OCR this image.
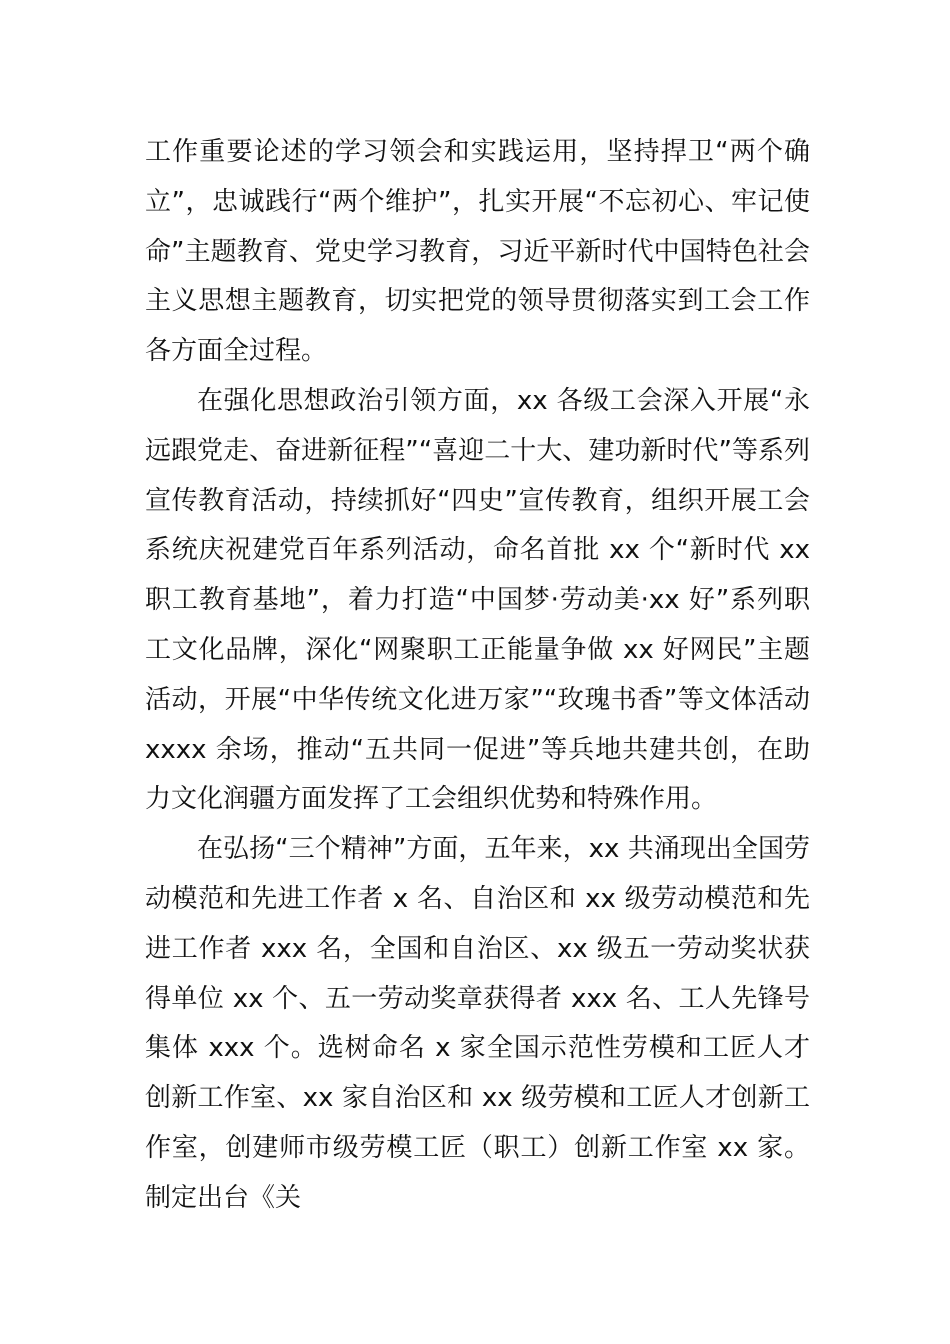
工作重要论述的学习领会和实践运用，坚持捍卫“两个确立”，忠诚践行“两个维护”，扎实开展“不忘初心、牢记使命”主题教育、党史学习教育，习近平新时代中国特色社会主义思想主题教育，切实把党的领导贯彻落实到工会工作各方面全过程。

在强化思想政治引领方面，xx 各级工会深入开展“永远跟党走、奋进新征程”“喜迎二十大、建功新时代”等系列宣传教育活动，持续抓好“四史”宣传教育，组织开展工会系统庆祝建党百年系列活动，命名首批 xx 个“新时代 xx 职工教育基地”，着力打造“中国梦·劳动美·xx 好”系列职工文化品牌，深化“网聚职工正能量争做 xx 好网民”主题活动，开展“中华传统文化进万家”“玫瑰书香”等文体活动 xxxx 余场，推动“五共同一促进”等兵地共建共创，在助力文化润疆方面发挥了工会组织优势和特殊作用。

在弘扬“三个精神”方面，五年来，xx 共涌现出全国劳动模范和先进工作者 x 名、自治区和 xx 级劳动模范和先进工作者 xxx 名，全国和自治区、xx 级五一劳动奖状获得单位 xx 个、五一劳动奖章获得者 xxx 名、工人先锋号集体 xxx 个。选树命名 x 家全国示范性劳模和工匠人才创新工作室、xx 家自治区和 xx 级劳模和工匠人才创新工作室，创建师市级劳模工匠（职工）创新工作室 xx 家。制定出台《关
